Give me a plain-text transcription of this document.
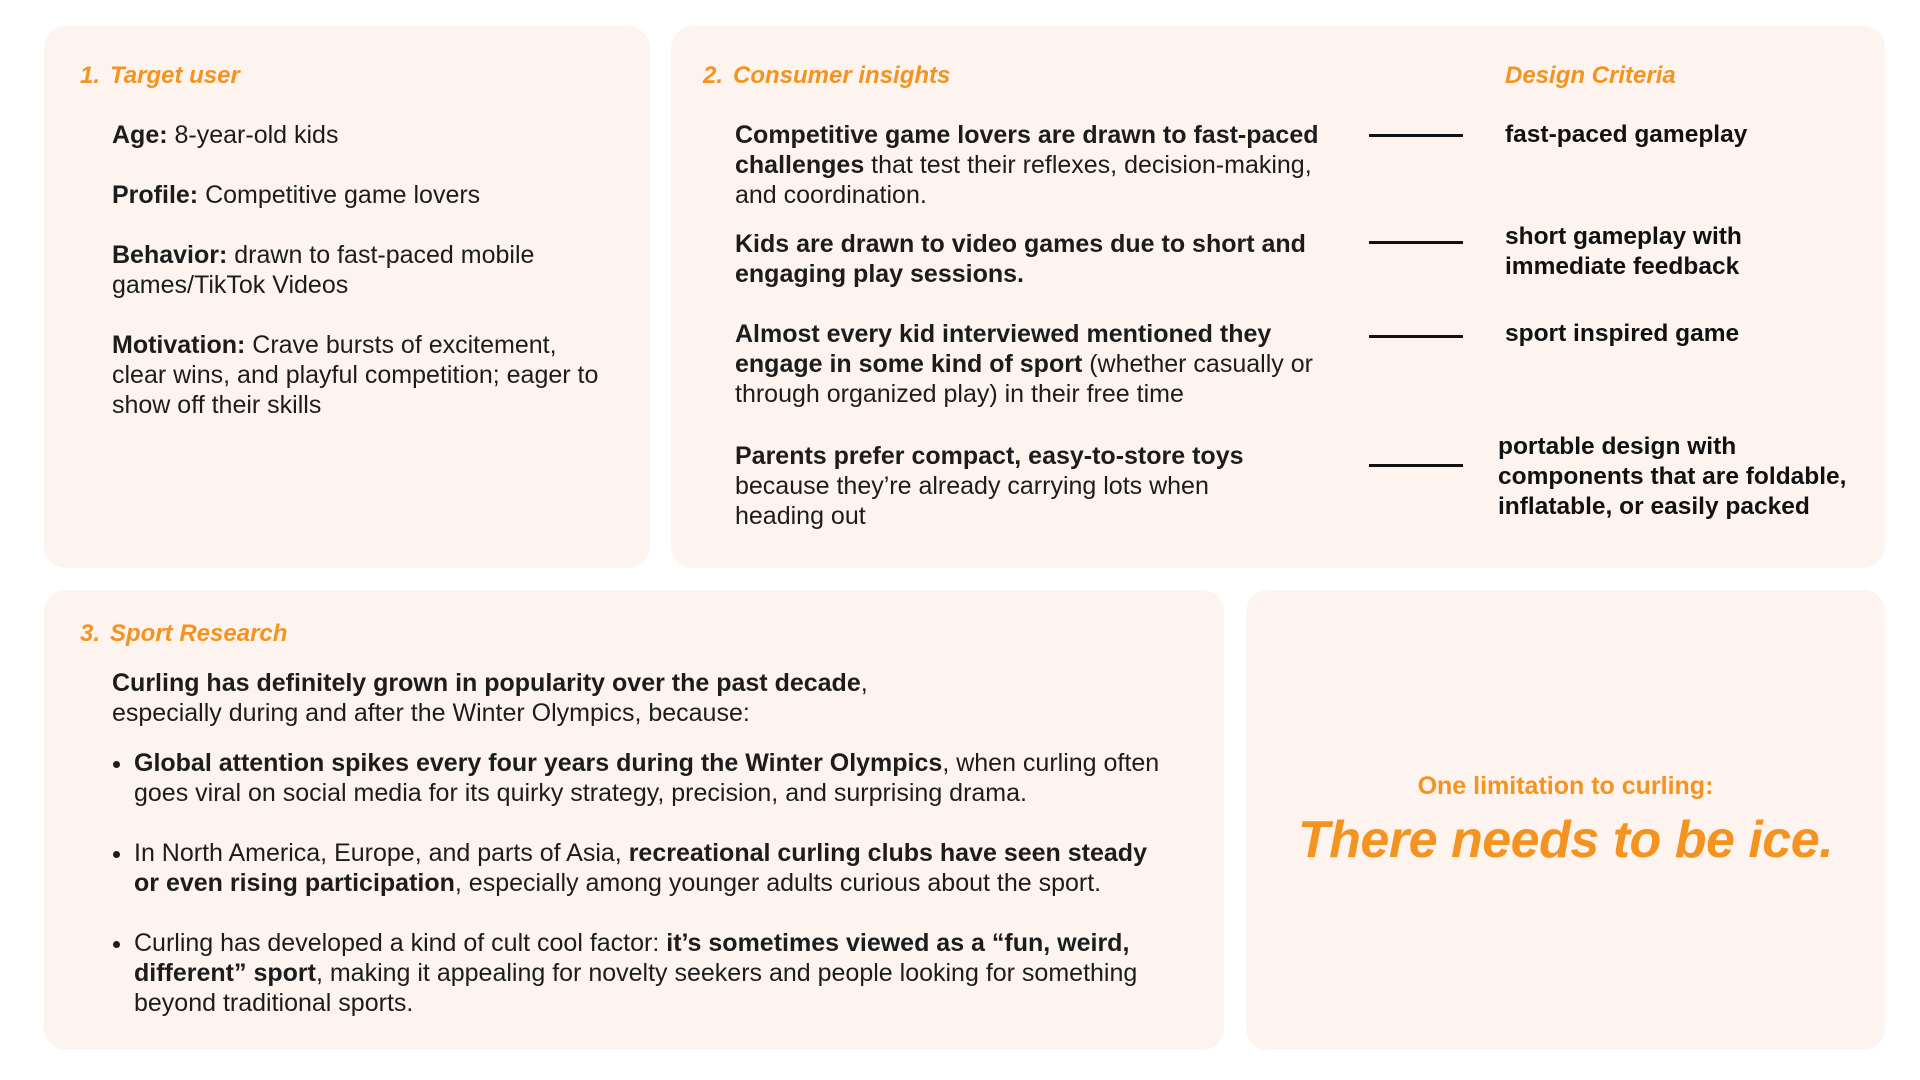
1. Target user

Age: 8-year-old kids

Profile: Competitive game lovers

Behavior: drawn to fast-paced mobile games/TikTok Videos

Motivation: Crave bursts of excitement, clear wins, and playful competition; eager to show off their skills

2. Consumer insights	Design Criteria
Competitive game lovers are drawn to fast-paced challenges that test their reflexes, decision-making, and coordination.
Kids are drawn to video games due to short and engaging play sessions.
Almost every kid interviewed mentioned they engage in some kind of sport (whether casually or through organized play) in their free time
Parents prefer compact, easy-to-store toys because they’re already carrying lots when heading out
fast-paced gameplay
short gameplay with immediate feedback
sport inspired game
portable design with components that are foldable, inflatable, or easily packed
3. Sport Research
Curling has definitely grown in popularity over the past decade, especially during and after the Winter Olympics, because:
• Global attention spikes every four years during the Winter Olympics, when curling often goes viral on social media for its quirky strategy, precision, and surprising drama.
• In North America, Europe, and parts of Asia, recreational curling clubs have seen steady or even rising participation, especially among younger adults curious about the sport.
• Curling has developed a kind of cult cool factor: it’s sometimes viewed as a “fun, weird, different” sport, making it appealing for novelty seekers and people looking for something beyond traditional sports.
One limitation to curling:
There needs to be ice.
